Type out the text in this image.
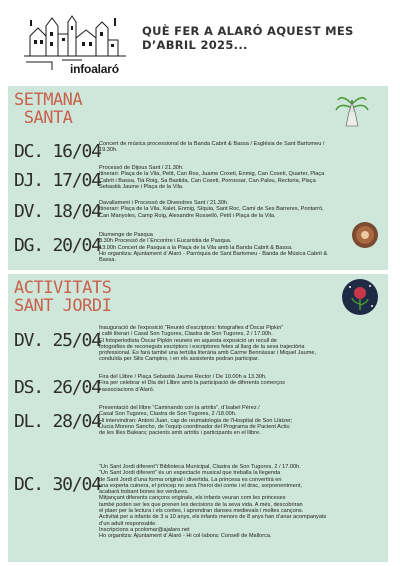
infoalaró
QUÈ FER A ALARÓ AQUEST MES
D’ABRIL 2025...
SETMANA
SANTA
DC. 16/04
Concert de música processional de la Banda Cabrit & Bassa / Església de Sant Bartomeu /
19.30h.
DJ. 17/04
Processó de Dijous Sant / 21.30h.
Itinerari: Plaça de la Vila, Petit, Can Ros, Juame Coxeti, Enmig, Can Coxeti, Quarter, Plaça
Cabrit i Bassa, Tià Roig, Sa Bastida, Can Coxeti, Porrossar, Can Palou, Rectoria, Plaça
Sebastià Jaume i Plaça de la Vila.
DV. 18/04
Davallament i Processó de Divendres Sant / 21.30h.
Itinerari: Plaça de la Vila, Xalet, Enmig, Síquia, Sant Roc, Camí de Ses Barreres, Pontarró,
Can Manyoles, Camp Roig, Alexandre Rosselló, Petit i Plaça de la Vila.
DG. 20/04
Diumenge de Pasqua
8.30h Processó de l´Encontre i Eucaristia de Pasqua.
13.00h Concert de Pasqua a la Plaça de la Vila amb la Banda Cabrit & Bassa.
Ho organitza: Ajuntament d´Alaró - Parròquia de Sant Bartomeu - Banda de Música Cabrit &
Bassa.
ACTIVITATS
SANT JORDI
DV. 25/04
Inauguració de l'exposició “Reunió d’escriptors: fotografies d’Òscar Pipkin”
i café literari / Casal Son Tugores, Clastra de Son Tugores, 2 / 17.00h.
El fotoperiodista Òscar Pipkin reuneix en aquesta exposició un recull de
fotografies de reconeguts escriptors i escriptores fetes al llarg de la seva trajectòria
professional. Es farà també una tertúlia literària amb Carme Bennàssar i Miquel Jaume,
conduïda per Silis Campins, i en els assistents podran participar.
DS. 26/04
Fira del Llibre / Plaça Sebastià Jaume Rector / De 10.00h a 13.30h.
Fira per celebrar el Dia del Llibre amb la participació de diferents comerços
i associacions d’Alaró.
DL. 28/04
Presentació del llibre “Caminando con la artritis”, d’Isabel Pérez /
Casal Son Tugores, Clastra de Son Tugores, 2 /18.00h.
Hi intervindran: Antoni Juan, cap de reumatologia de l’Hospital de Son Llàtzer;
Llucia Moreno Sancho, de l’equip coordinador del Programa de Pacient Actiu
de les Illes Balears; pacients amb artritis i participants en el llibre.
DC. 30/04
“Un Sant Jordi diferent”/ Biblioteca Municipal, Clastra de Son Tugores, 2 / 17.00h.
“Un Sant Jordi diferent” és un espectacle musical que treballa la llegenda
de Sant Jordi d’una forma original i divertida. La princesa es convertirà en
una experta cuinera, el príncep no serà l’heroi del conte i el drac, sorprenentment,
acabarà trobant bones les verdures.
Mitjançant diferents cançons originals, els infants veuran com les princeses
també poden ser les que prenen les decisions de la seva vida. A més, descobriran
el plaer per la lectura i els contes, i aprendran danses medievals i moltes cançons.
Activitat per a infants de 3 a 10 anys, els infants menors de 8 anys han d’anar acompanyats
d’un adult responsable.
Inscripcions a pcolomar@ajalaro.net
Ho organitza: Ajuntament d´Alaró - Hi col·labora: Consell de Mallorca.
